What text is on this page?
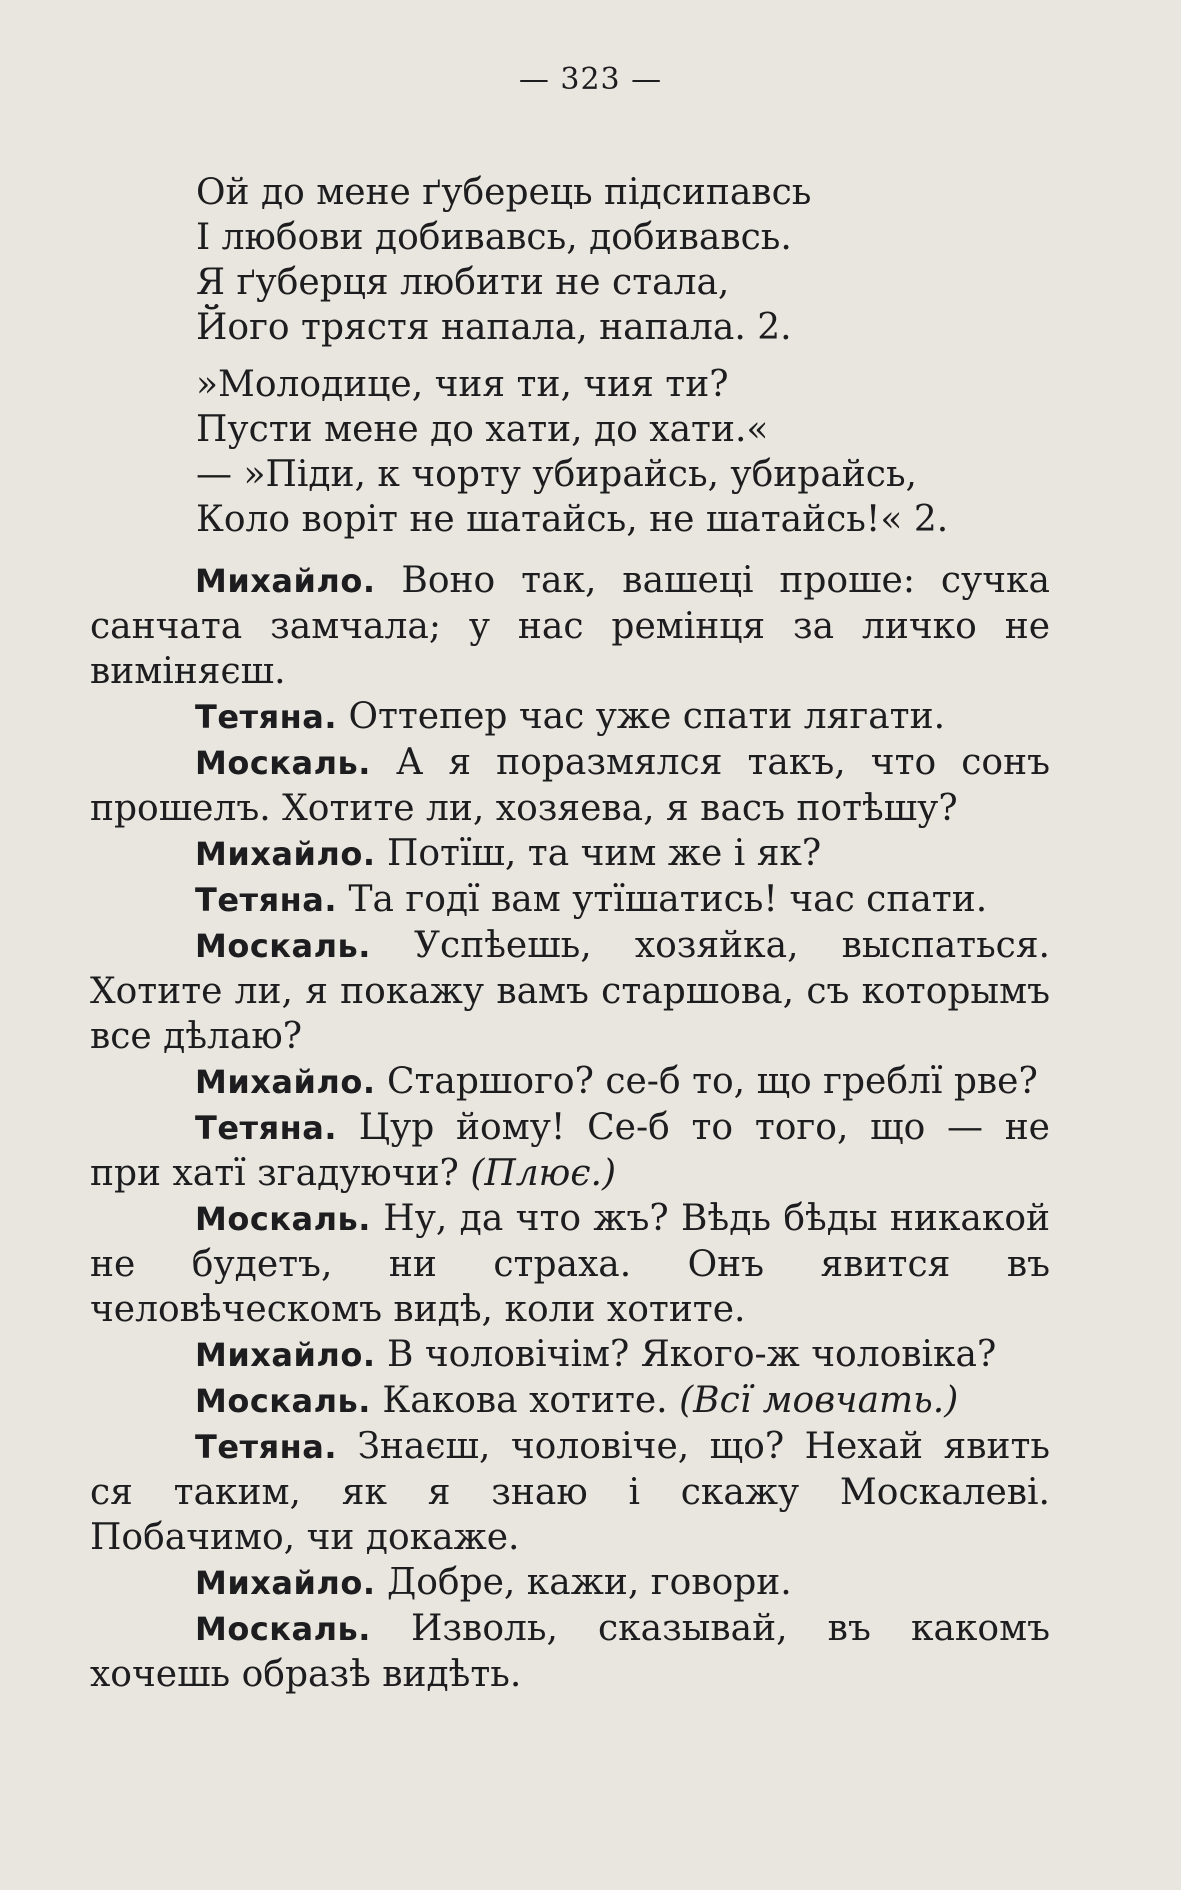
— 323 —
Ой до мене ґуберець підсипавсь
І любови добивавсь, добивавсь.
Я ґуберця любити не стала,
Його трястя напала, напала. 2.
»Молодице, чия ти, чия ти?
Пусти мене до хати, до хати.«
— »Піди, к чорту убирайсь, убирайсь,
Коло воріт не шатайсь, не шатайсь!« 2.

Михайло. Воно так, вашеці проше: сучка санчата замчала; у нас ремінця за личко не виміняєш.

Тетяна. Оттепер час уже спати лягати.

Москаль. А я поразмялся такъ, что сонъ прошелъ. Хотите ли, хозяева, я васъ потѣшу?

Михайло. Потїш, та чим же і як?

Тетяна. Та годї вам утїшатись! час спати.

Москаль. Успѣешь, хозяйка, выспаться. Хотите ли, я покажу вамъ старшова, съ которымъ все дѣлаю?

Михайло. Старшого? се-б то, що греблї рве?

Тетяна. Цур йому! Се-б то того, що — не при хатї згадуючи? (Плює.)

Москаль. Ну, да что жъ? Вѣдь бѣды никакой не будетъ, ни страха. Онъ явится въ человѣческомъ видѣ, коли хотите.

Михайло. В чоловічім? Якого-ж чоловіка?

Москаль. Какова хотите. (Всї мовчать.)

Тетяна. Знаєш, чоловіче, що? Нехай явить ся таким, як я знаю і скажу Москалеві. Побачимо, чи докаже.

Михайло. Добре, кажи, говори.

Москаль. Изволь, сказывай, въ какомъ хочешь образѣ видѣть.
